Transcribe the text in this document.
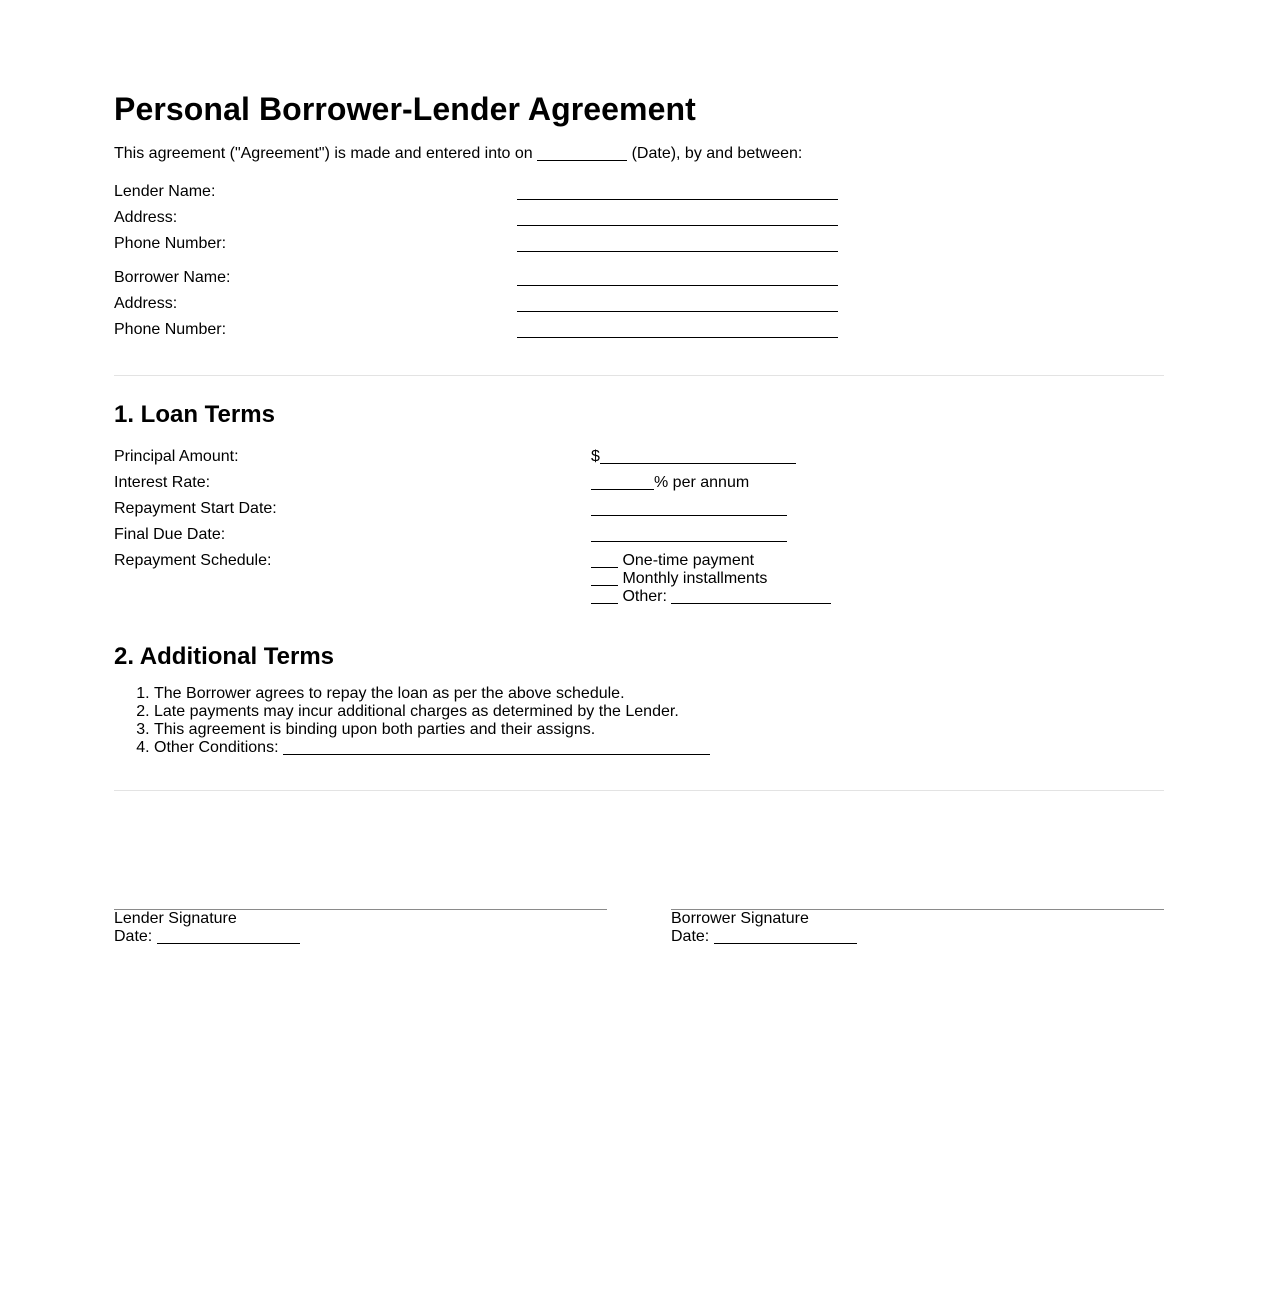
Personal Borrower-Lender Agreement
This agreement ("Agreement") is made and entered into on	(Date), by and between:
Lender Name:
Address:
Phone Number:
Borrower Name:
Address:
Phone Number:
1. Loan Terms
Principal Amount:	$
Interest Rate:	% per annum
Repayment Start Date:
Final Due Date:
Repayment Schedule:	One-time payment
Monthly installments
Other:
2. Additional Terms
1. The Borrower agrees to repay the loan as per the above schedule.
2. Late payments may incur additional charges as determined by the Lender.
3. This agreement is binding upon both parties and their assigns.
4. Other Conditions:
Lender Signature
Date:
Borrower Signature
Date:
